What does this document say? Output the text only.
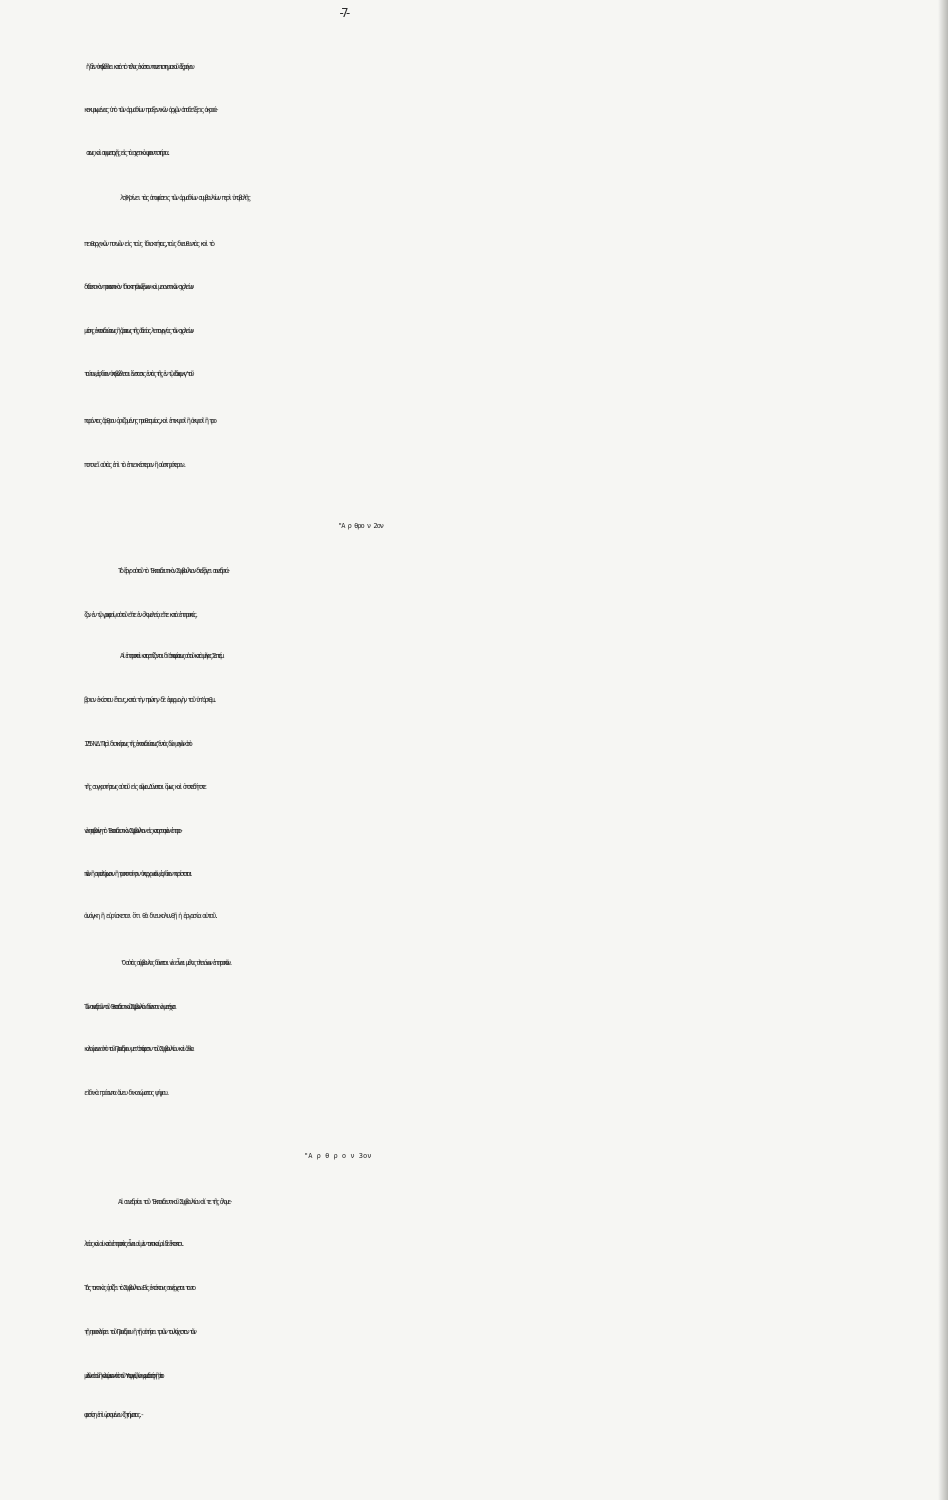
-7-
ἤ δὲν ὑποβάλλει κατὰ τὸ τέλος ἑκάστου πανεπιστημιακοῦ ἑξαμήνου
κεκυρωμένας ὑπὸ τῶν ἁρμοδίων προξενικῶν ἀρχῶν ἀποδείξεις ἀκροά-
σεως καὶ συμμετοχῆς εἰς τὰ σχετικὰ φροντιστήρια.
λσ)Κρίνει τὰς ἀποφάσεις τῶν ἁρμοδίων συμβουλίων περὶ ὑποβολῆς
πειθαρχικῶν ποινῶν εἰς τοὺς ἰδιοκτήτας,τοὺς διευθυντὰς καὶ τὸ
διδακτικὸν προσωπικὸν ἰδιοκτητῶνωξένων καὶ μειονοτικῶν σχολείων
μέσης ἐκπαιδεύσεως ἢ ἄρσεως τῆς ἀδείας λειτουργίας τῶν σχολείων
τούτων,ἐφ'ὅσον ὑποβάλλεται ἔνστασις ἐντὸς τῆς ἐν τῷ ἐδαφ.κγ'τοῦ
παρόντος ἄρθρου ὁριζομένης προθεσμίας,καὶ ἐπικυροῖ ἢ ἀκυροῖ ἢ τρο
ποποιεῖ αὐτὰς ἐπὶ τὸ ἐπιεικέστερον ἢ αὐστηρότερον.
"Α ρ θρο ν 2ον
Τὸ ἔργο αὐτοῦ τὸ 'Εκπαιδευτικὸν Συμβούλιον διεξάγει συνεδριά-
ζον ἐν τῷ γραφείῳ αὐτοῦ εἴτε ἐν ὁλομελείᾳ εἴτε κατὰ ἐπιτροπάς.
Αἱ ἐπιτροπαὶ καταρτίζονται δι'ἀποφάσεως αὐτοῦ κατὰ μῆνας Σεπτέμ
βριον ἑκάστου ἔτους,κατὰ τὴν πρώτην δὲ ἐφαρμογὴν τοῦ ὑπ'ἀριθμ.
1755 Ν.Δ."Περὶ διοικήσεως τῆς ἐκπαιδεύσεως"ἐντὸς δύο μηνῶν ἀπὸ
τῆς συγκροτήσεως αὐτοῦ εἰς σῶμα.Δύναται ὅμως καὶ ὁποτεδήποτε
νὰ προβαίνῃ τὸ 'Εκπαιδευτικὸν Συμβούλιον εἰς καταρτισμὸν ἐπιτρο-
πῶν ἢ συμπλήρωσιν ἢ τροποποίησιν ὑπαρχουσῶν,ἐφ'ὅσον παρίσταται
ἀνάγκη ἢ εὑρίσκεται ὅτι θὰ διευκολυνθῇ ἡ ἐργασία αὐτοῦ.
'Ο αὐτὸς σύμβουλος δύναται νὰ εἶναι μέλος πλειόνων ἐπιτροπῶν.
Τῶν συνεδριῶν τοῦ 'Εκπαιδευτικοῦ Συμβουλίου δύνανται νὰ μετέχωσι
καλούμενα ὑπὸ τοῦ Προέδρου μετ'ἀπόφασιν τοῦ Συμβουλίου καὶ ἄλλα
εἰδικὰ πρόσωπα ἄνευ δικαιώματος ψήφου.
"Α ρ θ ρ ο ν 3ον
Αἱ συνεδρίαι τοῦ 'Εκπαιδευτικοῦ Συμβουλίου αἵ τε τῆς ὁλομε-
λείας καὶ αἱ κατὰ ἐπιτροπὰς εἶναι αἱ μὲν τακτικαί,αἱ δὲ ἔκτακτοι.
Τὰς τακτικὰς ὁρίζει τὸ Συμβούλιον.Εἰς ἐκτάκτους συνέρχεται τουτο
τῇ προσκλήσει τοῦ Προέδρου ἢ τῇ αἰτήσει τριῶν τουλάχιστον τῶν
μελῶν αὐτοῦ ἢ καλούμενον ὑπὸ τοῦ 'Υπουργοῦ,ἵνα γνωμοδοτήσῃ ἢ ἀπο
φασίσῃ ἐπὶ ὡρισμένου ζητήματος.-
